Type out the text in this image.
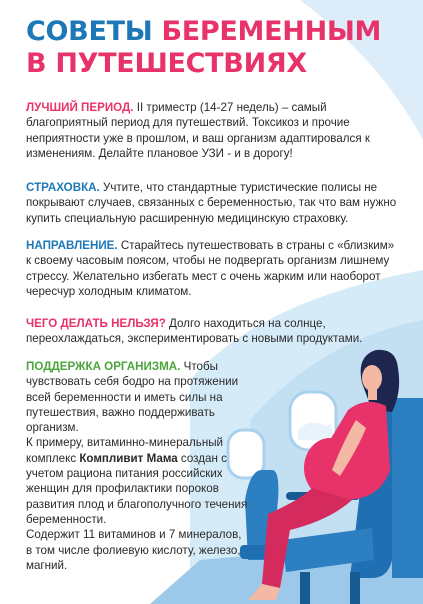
СОВЕТЫ БЕРЕМЕННЫМ
В ПУТЕШЕСТВИЯХ

ЛУЧШИЙ ПЕРИОД. II триместр (14-27 недель) – самый благоприятный период для путешествий. Токсикоз и прочие неприятности уже в прошлом, и ваш организм адаптировался к изменениям. Делайте плановое УЗИ - и в дорогу!

СТРАХОВКА. Учтите, что стандартные туристические полисы не покрывают случаев, связанных с беременностью, так что вам нужно купить специальную расширенную медицинскую страховку.

НАПРАВЛЕНИЕ. Старайтесь путешествовать в страны с «близким» к своему часовым поясом, чтобы не подвергать организм лишнему стрессу. Желательно избегать мест с очень жарким или наоборот чересчур холодным климатом.

ЧЕГО ДЕЛАТЬ НЕЛЬЗЯ? Долго находиться на солнце, переохлаждаться, экспериментировать с новыми продуктами.

ПОДДЕРЖКА ОРГАНИЗМА. Чтобы чувствовать себя бодро на протяжении всей беременности и иметь силы на путешествия, важно поддерживать организм.
К примеру, витаминно-минеральный комплекс Компливит Мама создан с учетом рациона питания российских женщин для профилактики пороков развития плод и благополучного течения беременности.
Содержит 11 витаминов и 7 минералов, в том числе фолиевую кислоту, железо, магний.
